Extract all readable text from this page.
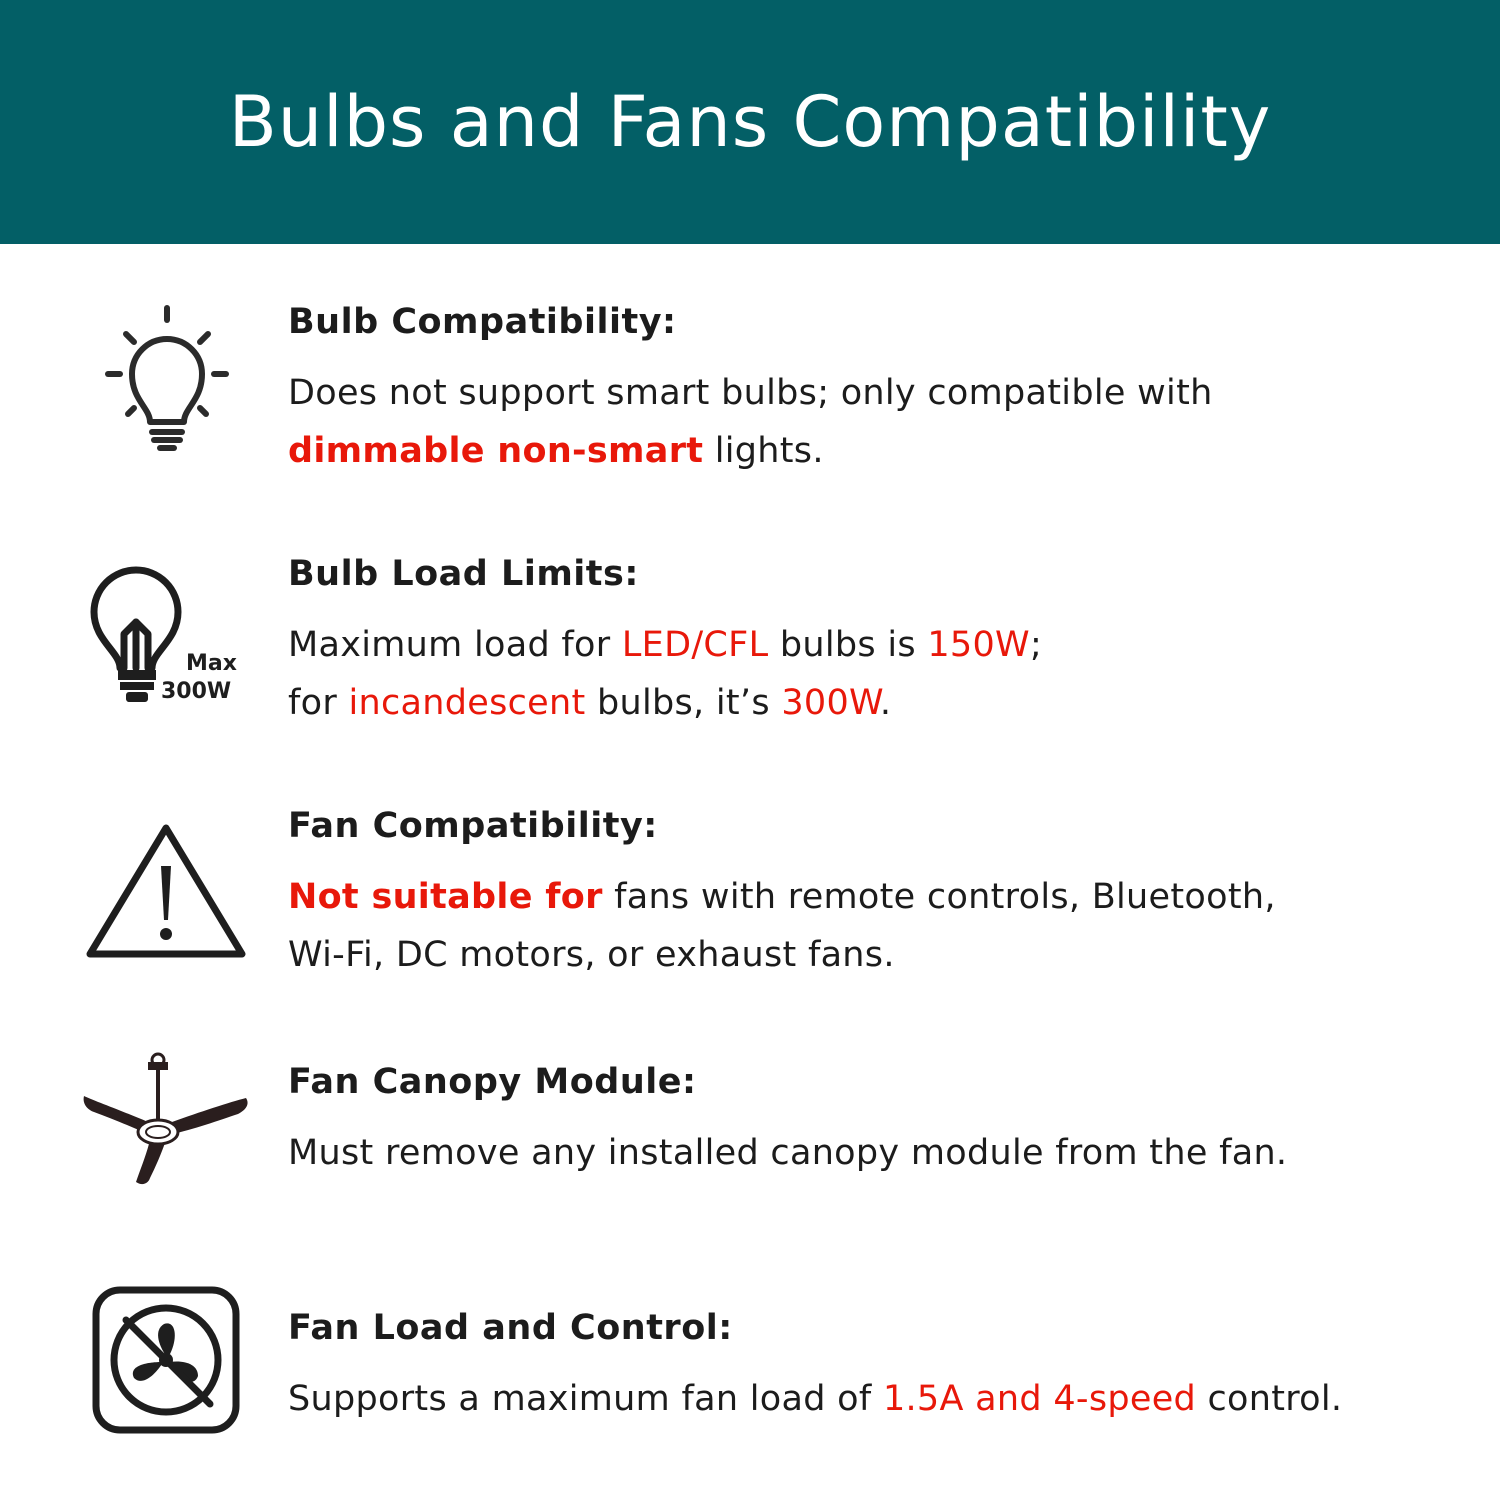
Bulbs and Fans Compatibility
Bulb Compatibility:
Does not support smart bulbs; only compatible with
dimmable non-smart lights.
Max
300W
Bulb Load Limits:
Maximum load for LED/CFL bulbs is 150W;
for incandescent bulbs, it’s 300W.
Fan Compatibility:
Not suitable for fans with remote controls, Bluetooth,
Wi-Fi, DC motors, or exhaust fans.
Fan Canopy Module:
Must remove any installed canopy module from the fan.
Fan Load and Control:
Supports a maximum fan load of 1.5A and 4-speed control.
